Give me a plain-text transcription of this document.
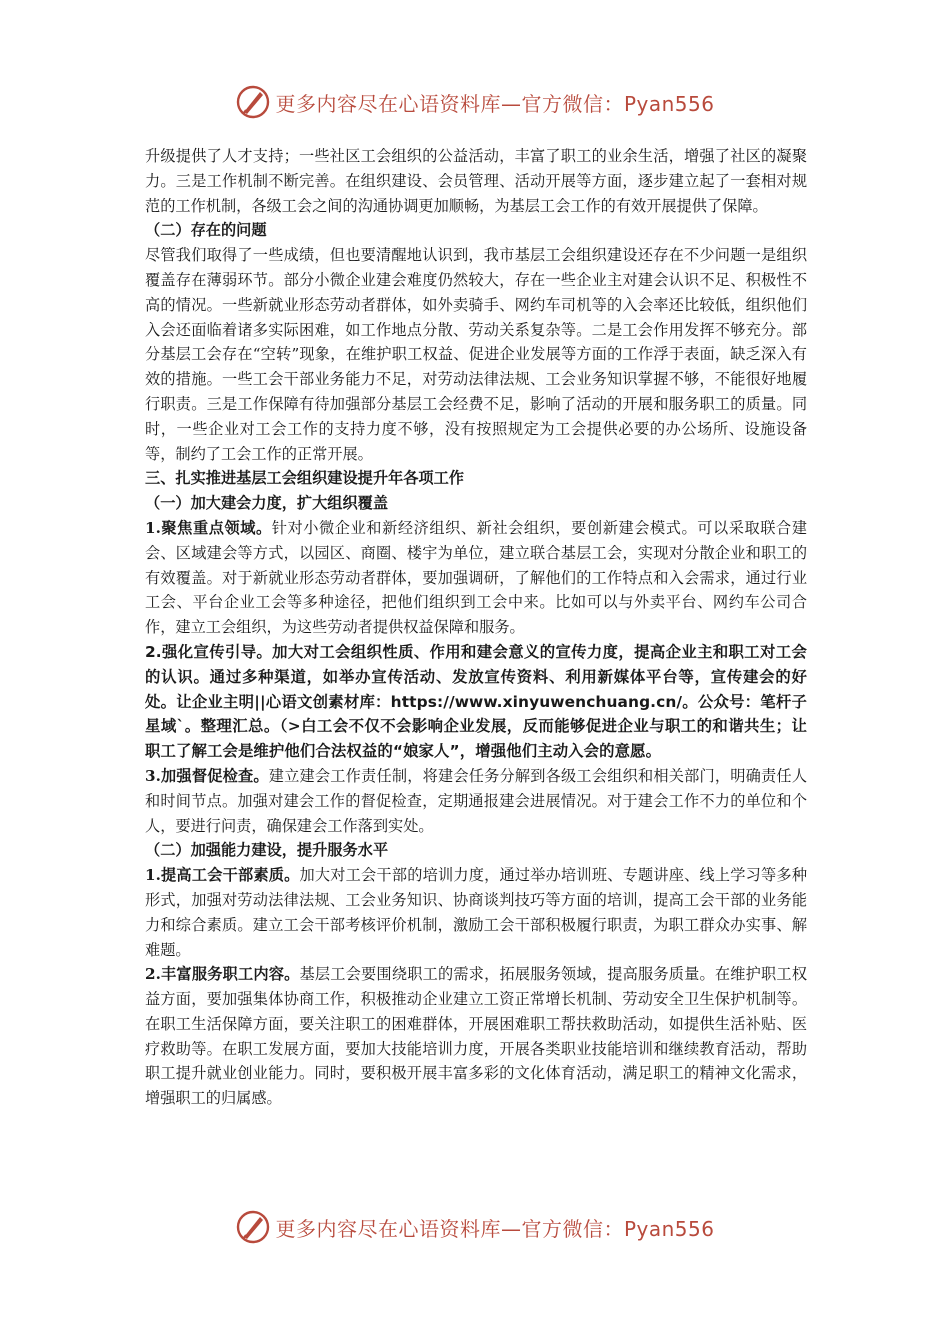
更多内容尽在心语资料库—官方微信：Pyan556

升级提供了人才支持；一些社区工会组织的公益活动，丰富了职工的业余生活，增强了社区的凝聚力。三是工作机制不断完善。在组织建设、会员管理、活动开展等方面，逐步建立起了一套相对规范的工作机制，各级工会之间的沟通协调更加顺畅，为基层工会工作的有效开展提供了保障。

（二）存在的问题

尽管我们取得了一些成绩，但也要清醒地认识到，我市基层工会组织建设还存在不少问题一是组织覆盖存在薄弱环节。部分小微企业建会难度仍然较大，存在一些企业主对建会认识不足、积极性不高的情况。一些新就业形态劳动者群体，如外卖骑手、网约车司机等的入会率还比较低，组织他们入会还面临着诸多实际困难，如工作地点分散、劳动关系复杂等。二是工会作用发挥不够充分。部分基层工会存在“空转”现象，在维护职工权益、促进企业发展等方面的工作浮于表面，缺乏深入有效的措施。一些工会干部业务能力不足，对劳动法律法规、工会业务知识掌握不够，不能很好地履行职责。三是工作保障有待加强部分基层工会经费不足，影响了活动的开展和服务职工的质量。同时，一些企业对工会工作的支持力度不够，没有按照规定为工会提供必要的办公场所、设施设备等，制约了工会工作的正常开展。

三、扎实推进基层工会组织建设提升年各项工作

（一）加大建会力度，扩大组织覆盖

1.聚焦重点领域。针对小微企业和新经济组织、新社会组织，要创新建会模式。可以采取联合建会、区域建会等方式，以园区、商圈、楼宇为单位，建立联合基层工会，实现对分散企业和职工的有效覆盖。对于新就业形态劳动者群体，要加强调研，了解他们的工作特点和入会需求，通过行业工会、平台企业工会等多种途径，把他们组织到工会中来。比如可以与外卖平台、网约车公司合作，建立工会组织，为这些劳动者提供权益保障和服务。

2.强化宣传引导。加大对工会组织性质、作用和建会意义的宣传力度，提高企业主和职工对工会的认识。通过多种渠道，如举办宣传活动、发放宣传资料、利用新媒体平台等，宣传建会的好处。让企业主明||心语文创素材库：https://www.xinyuwenchuang.cn/。公众号：笔杆子星域`。整理汇总。（>白工会不仅不会影响企业发展，反而能够促进企业与职工的和谐共生；让职工了解工会是维护他们合法权益的“娘家人”，增强他们主动入会的意愿。

3.加强督促检查。建立建会工作责任制，将建会任务分解到各级工会组织和相关部门，明确责任人和时间节点。加强对建会工作的督促检查，定期通报建会进展情况。对于建会工作不力的单位和个人，要进行问责，确保建会工作落到实处。

（二）加强能力建设，提升服务水平

1.提高工会干部素质。加大对工会干部的培训力度，通过举办培训班、专题讲座、线上学习等多种形式，加强对劳动法律法规、工会业务知识、协商谈判技巧等方面的培训，提高工会干部的业务能力和综合素质。建立工会干部考核评价机制，激励工会干部积极履行职责，为职工群众办实事、解难题。

2.丰富服务职工内容。基层工会要围绕职工的需求，拓展服务领域，提高服务质量。在维护职工权益方面，要加强集体协商工作，积极推动企业建立工资正常增长机制、劳动安全卫生保护机制等。在职工生活保障方面，要关注职工的困难群体，开展困难职工帮扶救助活动，如提供生活补贴、医疗救助等。在职工发展方面，要加大技能培训力度，开展各类职业技能培训和继续教育活动，帮助职工提升就业创业能力。同时，要积极开展丰富多彩的文化体育活动，满足职工的精神文化需求，增强职工的归属感。

更多内容尽在心语资料库—官方微信：Pyan556
